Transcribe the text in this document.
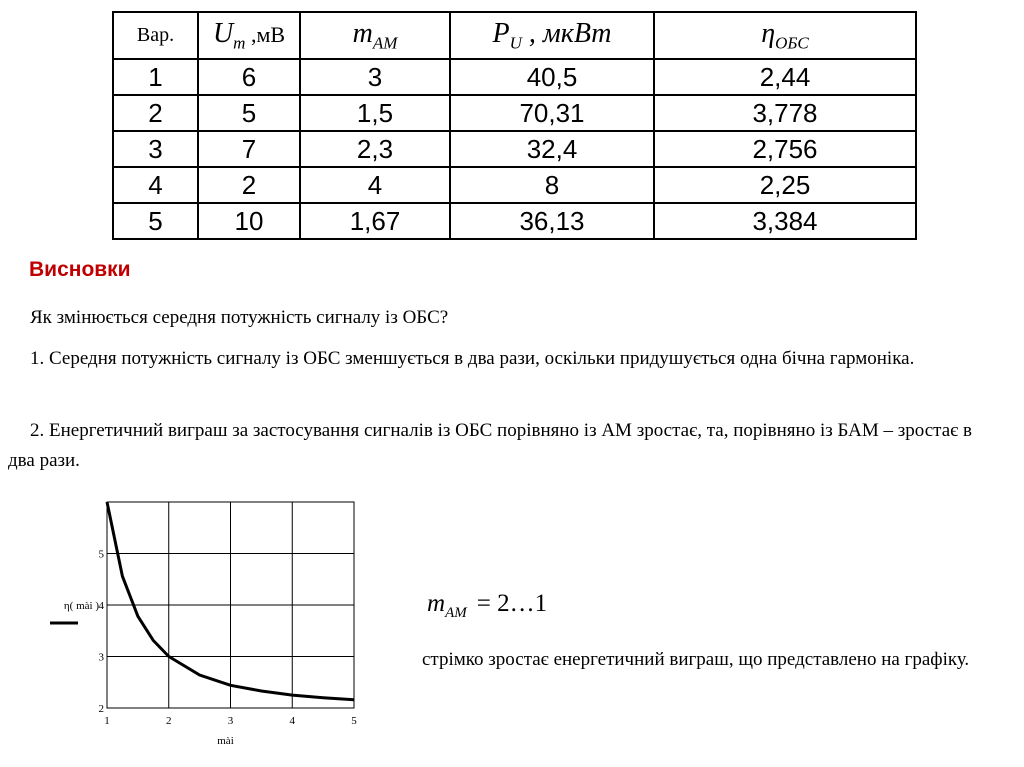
Вар.	$U_m$ ,мВ	$m_{AM}$	$P_U$ , мкВт	$\eta_{ОБС}$
1	6	3	40,5	2,44
2	5	1,5	70,31	3,778
3	7	2,3	32,4	2,756
4	2	4	8	2,25
5	10	1,67	36,13	3,384
Висновки

Як змінюється середня потужність сигналу із ОБС?

1. Середня потужність сигналу із ОБС зменшується в два рази, оскільки придушується одна бічна гармоніка.

2. Енергетичний виграш за застосування сигналів із ОБС порівняно із АМ зростає, та, порівняно із БАМ – зростає в два рази.

1	2	3	4	5
2
3
4
5
η( mài )
mài
$m_{AM}$ = 2…1

стрімко зростає енергетичний виграш, що представлено на графіку.
